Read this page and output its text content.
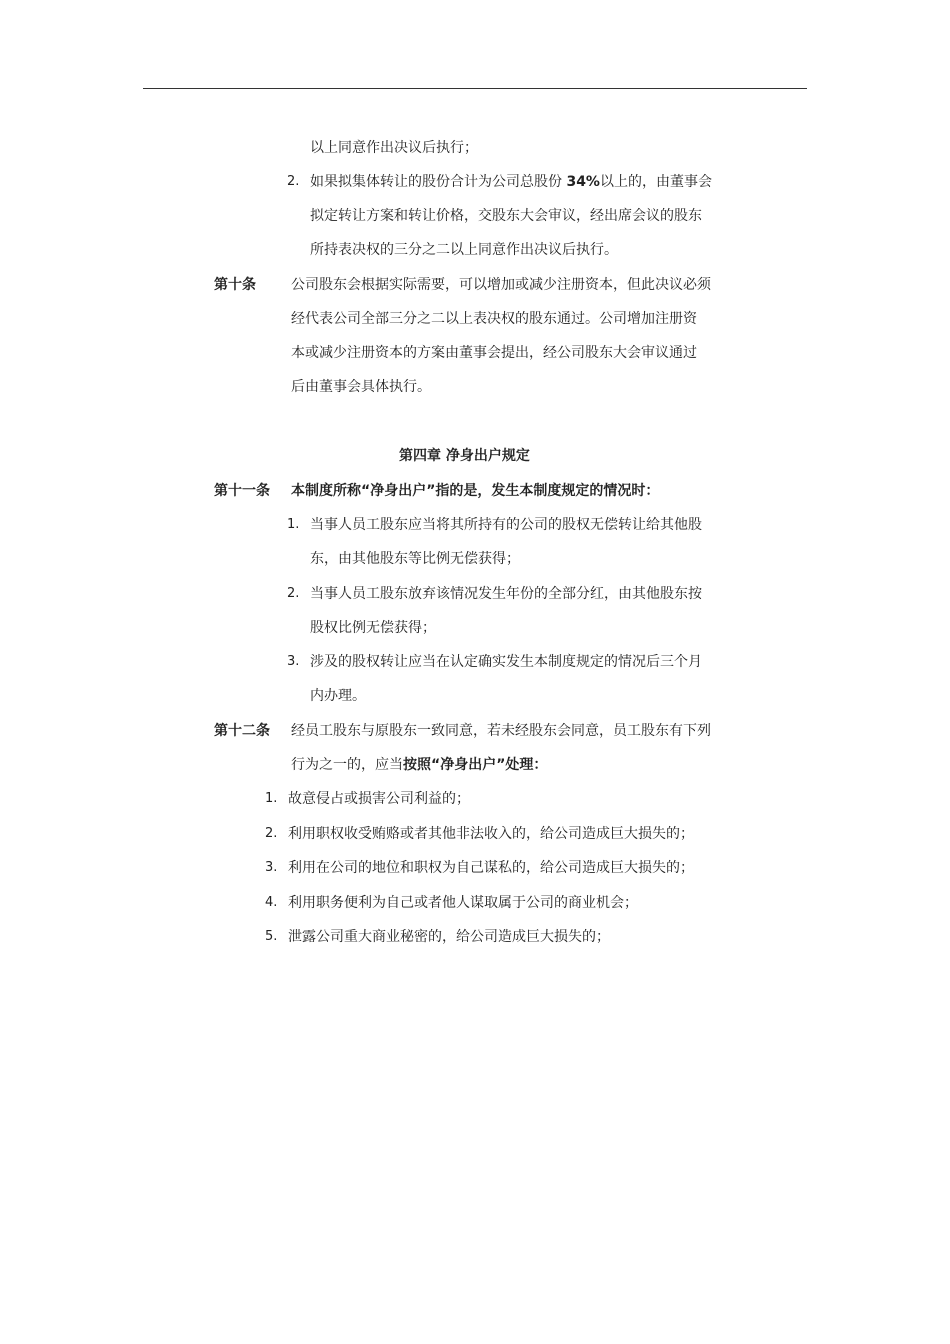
以上同意作出决议后执行；
2. 如果拟集体转让的股份合计为公司总股份 34%以上的，由董事会
拟定转让方案和转让价格，交股东大会审议，经出席会议的股东
所持表决权的三分之二以上同意作出决议后执行。
第十条	公司股东会根据实际需要，可以增加或减少注册资本，但此决议必须
经代表公司全部三分之二以上表决权的股东通过。公司增加注册资
本或减少注册资本的方案由董事会提出，经公司股东大会审议通过
后由董事会具体执行。
第四章 净身出户规定
第十一条 本制度所称“净身出户”指的是，发生本制度规定的情况时：
1. 当事人员工股东应当将其所持有的公司的股权无偿转让给其他股
东，由其他股东等比例无偿获得；
2. 当事人员工股东放弃该情况发生年份的全部分红，由其他股东按
股权比例无偿获得；
3. 涉及的股权转让应当在认定确实发生本制度规定的情况后三个月
内办理。
第十二条 经员工股东与原股东一致同意，若未经股东会同意，员工股东有下列
行为之一的，应当按照“净身出户”处理：
1. 故意侵占或损害公司利益的；
2. 利用职权收受贿赂或者其他非法收入的，给公司造成巨大损失的；
3. 利用在公司的地位和职权为自己谋私的，给公司造成巨大损失的；
4. 利用职务便利为自己或者他人谋取属于公司的商业机会；
5. 泄露公司重大商业秘密的，给公司造成巨大损失的；
